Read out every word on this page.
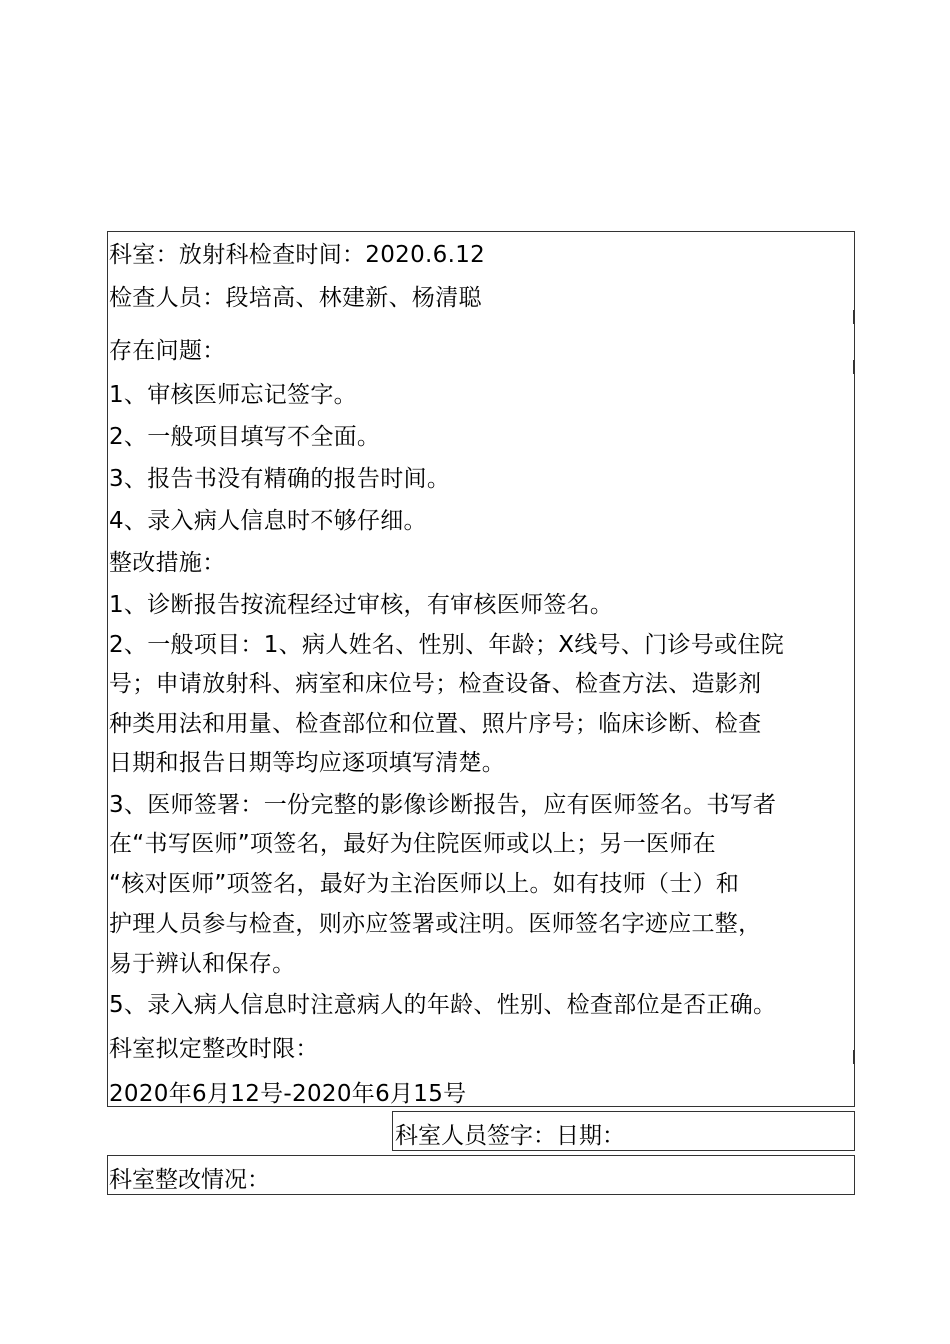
科室：放射科检查时间：2020.6.12
检查人员：段培高、林建新、杨清聪
存在问题：
1、审核医师忘记签字。
2、一般项目填写不全面。
3、报告书没有精确的报告时间。
4、录入病人信息时不够仔细。
整改措施：
1、诊断报告按流程经过审核，有审核医师签名。
2、一般项目：1、病人姓名、性别、年龄；X线号、门诊号或住院
号；申请放射科、病室和床位号；检查设备、检查方法、造影剂
种类用法和用量、检查部位和位置、照片序号；临床诊断、检查
日期和报告日期等均应逐项填写清楚。
3、医师签署：一份完整的影像诊断报告，应有医师签名。书写者
在“书写医师”项签名，最好为住院医师或以上；另一医师在
“核对医师”项签名，最好为主治医师以上。如有技师（士）和
护理人员参与检查，则亦应签署或注明。医师签名字迹应工整，
易于辨认和保存。
5、录入病人信息时注意病人的年龄、性别、检查部位是否正确。
科室拟定整改时限：
2020年6月12号-2020年6月15号
科室人员签字：日期：
科室整改情况：
